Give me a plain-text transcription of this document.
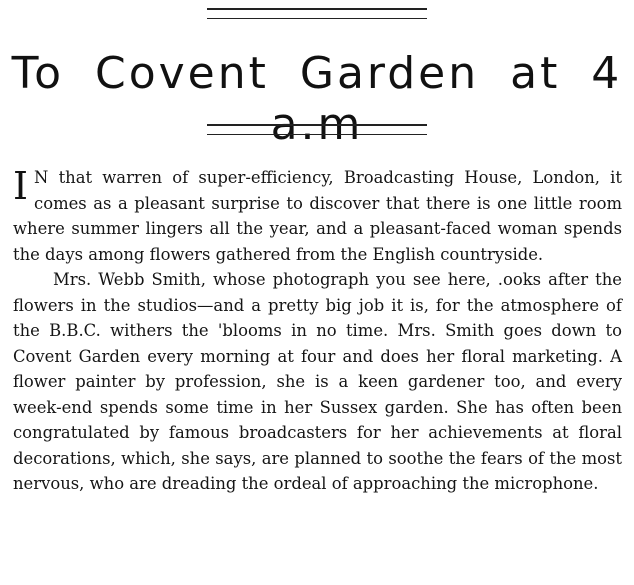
To Covent Garden at 4 a.m

I N that warren of super-efficiency, Broadcasting House, London, it comes as a pleasant surprise to discover that there is one little room where summer lingers all the year, and a pleasant-faced woman spends the days among flowers gathered from the English countryside.

Mrs. Webb Smith, whose photograph you see here, .ooks after the flowers in the studios—and a pretty big job it is, for the atmosphere of the B.B.C. withers the 'blooms in no time. Mrs. Smith goes down to Covent Garden every morning at four and does her floral marketing. A flower painter by profession, she is a keen gardener too, and every week-end spends some time in her Sussex garden. She has often been congratulated by famous broadcasters for her achievements at floral decorations, which, she says, are planned to soothe the fears of the most nervous, who are dreading the ordeal of approaching the microphone.
